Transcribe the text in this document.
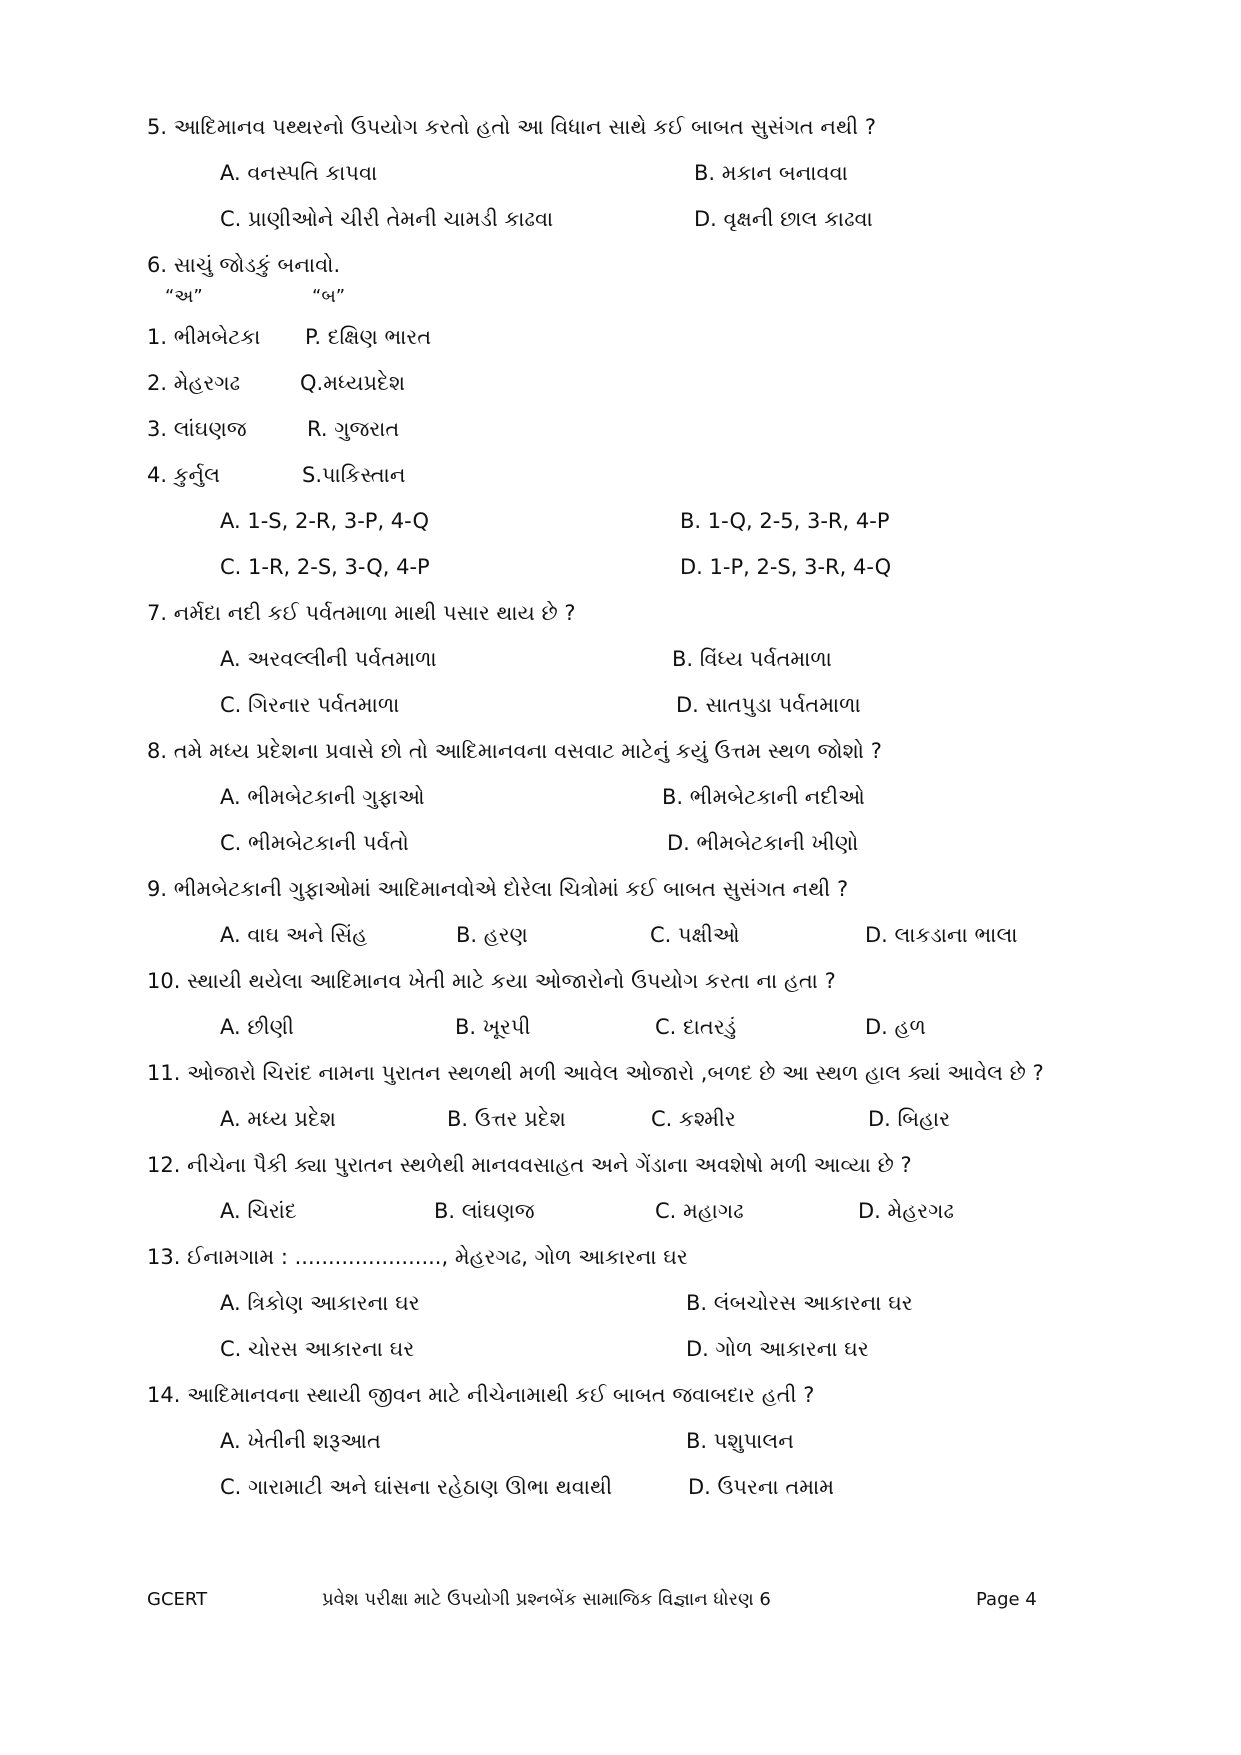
5. આદિમાનવ પથ્થરનો ઉપયોગ કરતો હતો આ વિધાન સાથે કઈ બાબત સુસંગત નથી ?
A. વનસ્પતિ કાપવા	B. મકાન બનાવવા
C. પ્રાણીઓને ચીરી તેમની ચામડી કાઢવા	D. વૃક્ષની છાલ કાઢવા
6. સાચું જોડકું બનાવો.
“અ”	“બ”
1. ભીમબેટકા P. દક્ષિણ ભારત
2. મેહરગઢ	Q.મધ્યપ્રદેશ
3. લાંઘણજ	R. ગુજરાત
4. કુર્નુલ	S.પાકિસ્તાન
A. 1-S, 2-R, 3-P, 4-Q	B. 1-Q, 2-5, 3-R, 4-P
C. 1-R, 2-S, 3-Q, 4-P	D. 1-P, 2-S, 3-R, 4-Q
7. નર્મદા નદી કઈ પર્વતમાળા માથી પસાર થાય છે ?
A. અરવલ્લીની પર્વતમાળા	B. વિંધ્ય પર્વતમાળા
C. ગિરનાર પર્વતમાળા	D. સાતપુડા પર્વતમાળા
8. તમે મધ્ય પ્રદેશના પ્રવાસે છો તો આદિમાનવના વસવાટ માટેનું કયું ઉત્તમ સ્થળ જોશો ?
A. ભીમબેટકાની ગુફાઓ	B. ભીમબેટકાની નદીઓ
C. ભીમબેટકાની પર્વતો	D. ભીમબેટકાની ખીણો
9. ભીમબેટકાની ગુફાઓમાં આદિમાનવોએ દોરેલા ચિત્રોમાં કઈ બાબત સુસંગત નથી ?
A. વાઘ અને સિંહ	B. હરણ	C. પક્ષીઓ	D. લાકડાના ભાલા
10. સ્થાયી થયેલા આદિમાનવ ખેતી માટે કયા ઓજારોનો ઉપયોગ કરતા ના હતા ?
A. છીણી	B. ખૂરપી	C. દાતરડું	D. હળ
11. ઓજારો ચિરાંદ નામના પુરાતન સ્થળથી મળી આવેલ ઓજારો ,બળદ છે આ સ્થળ હાલ ક્યાં આવેલ છે ?
A. મધ્ય પ્રદેશ	B. ઉત્તર પ્રદેશ	C. કશ્મીર	D. બિહાર
12. નીચેના પૈકી ક્યા પુરાતન સ્થળેથી માનવવસાહત અને ગેંડાના અવશેષો મળી આવ્યા છે ?
A. ચિરાંદ	B. લાંઘણજ	C. મહાગઢ	D. મેહરગઢ
13. ઈનામગામ : ......................, મેહરગઢ, ગોળ આકારના ઘર
A. ત્રિકોણ આકારના ઘર	B. લંબચોરસ આકારના ઘર
C. ચોરસ આકારના ઘર	D. ગોળ આકારના ઘર
14. આદિમાનવના સ્થાયી જીવન માટે નીચેનામાથી કઈ બાબત જવાબદાર હતી ?
A. ખેતીની શરૂઆત	B. પશુપાલન
C. ગારામાટી અને ઘાંસના રહેઠાણ ઊભા થવાથી	D. ઉપરના તમામ
GCERT	પ્રવેશ પરીક્ષા માટે ઉપયોગી પ્રશ્નબેંક સામાજિક વિજ્ઞાન ધોરણ 6	Page 4
